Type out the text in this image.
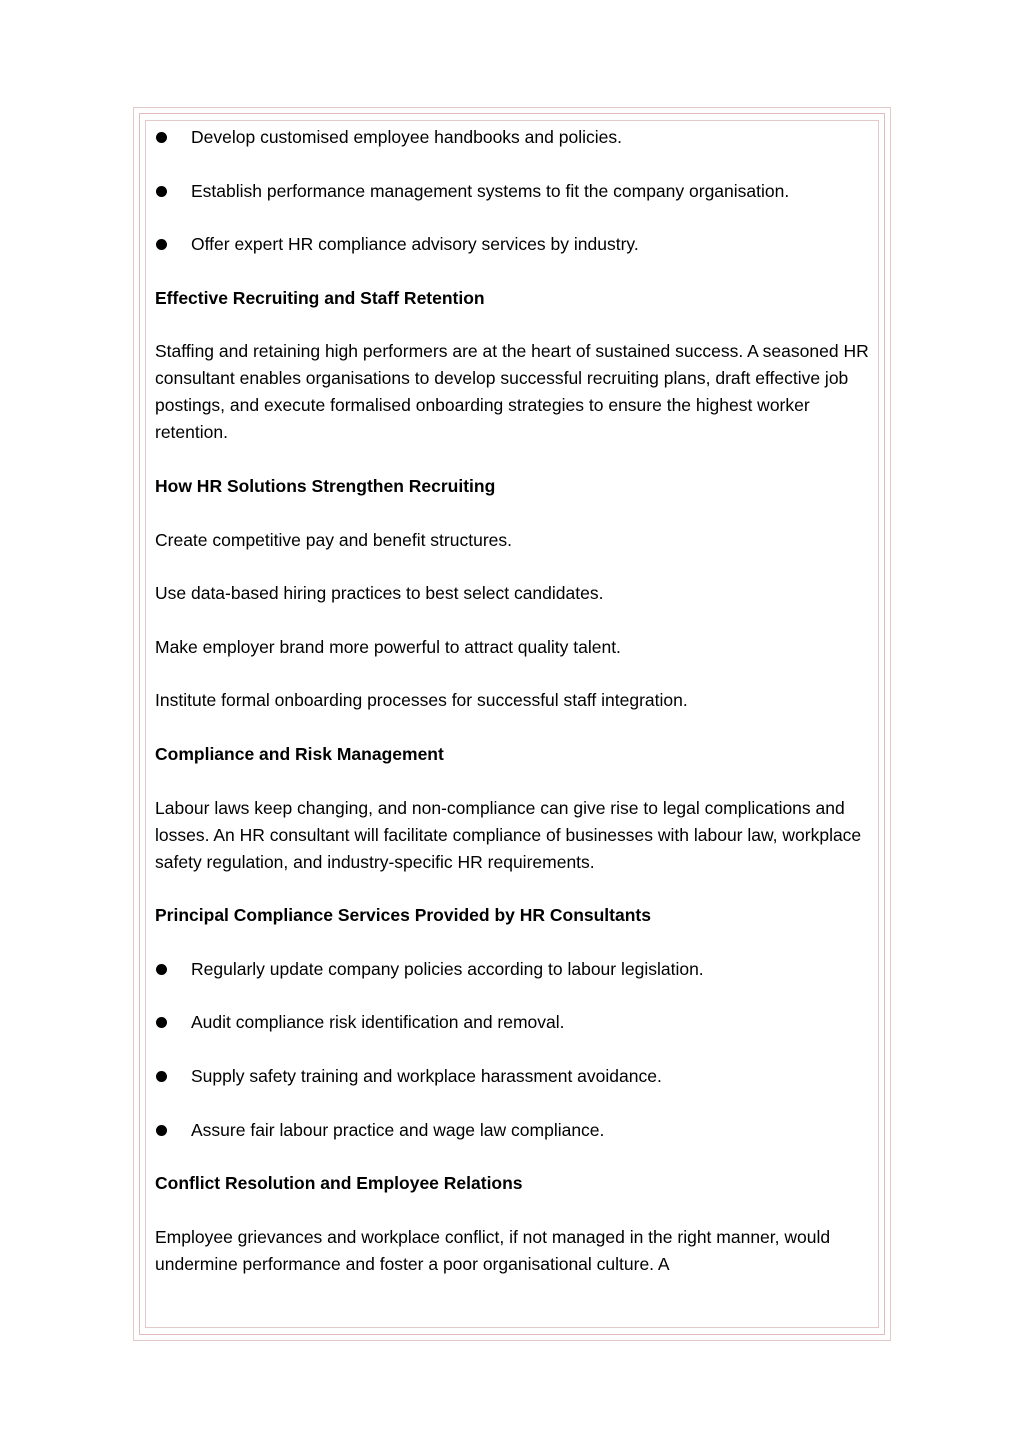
Develop customised employee handbooks and policies.
Establish performance management systems to fit the company organisation.
Offer expert HR compliance advisory services by industry.
Effective Recruiting and Staff Retention
Staffing and retaining high performers are at the heart of sustained success. A seasoned HR consultant enables organisations to develop successful recruiting plans, draft effective job postings, and execute formalised onboarding strategies to ensure the highest worker retention.
How HR Solutions Strengthen Recruiting
Create competitive pay and benefit structures.
Use data-based hiring practices to best select candidates.
Make employer brand more powerful to attract quality talent.
Institute formal onboarding processes for successful staff integration.
Compliance and Risk Management
Labour laws keep changing, and non-compliance can give rise to legal complications and losses. An HR consultant will facilitate compliance of businesses with labour law, workplace safety regulation, and industry-specific HR requirements.
Principal Compliance Services Provided by HR Consultants
Regularly update company policies according to labour legislation.
Audit compliance risk identification and removal.
Supply safety training and workplace harassment avoidance.
Assure fair labour practice and wage law compliance.
Conflict Resolution and Employee Relations
Employee grievances and workplace conflict, if not managed in the right manner, would undermine performance and foster a poor organisational culture. A
